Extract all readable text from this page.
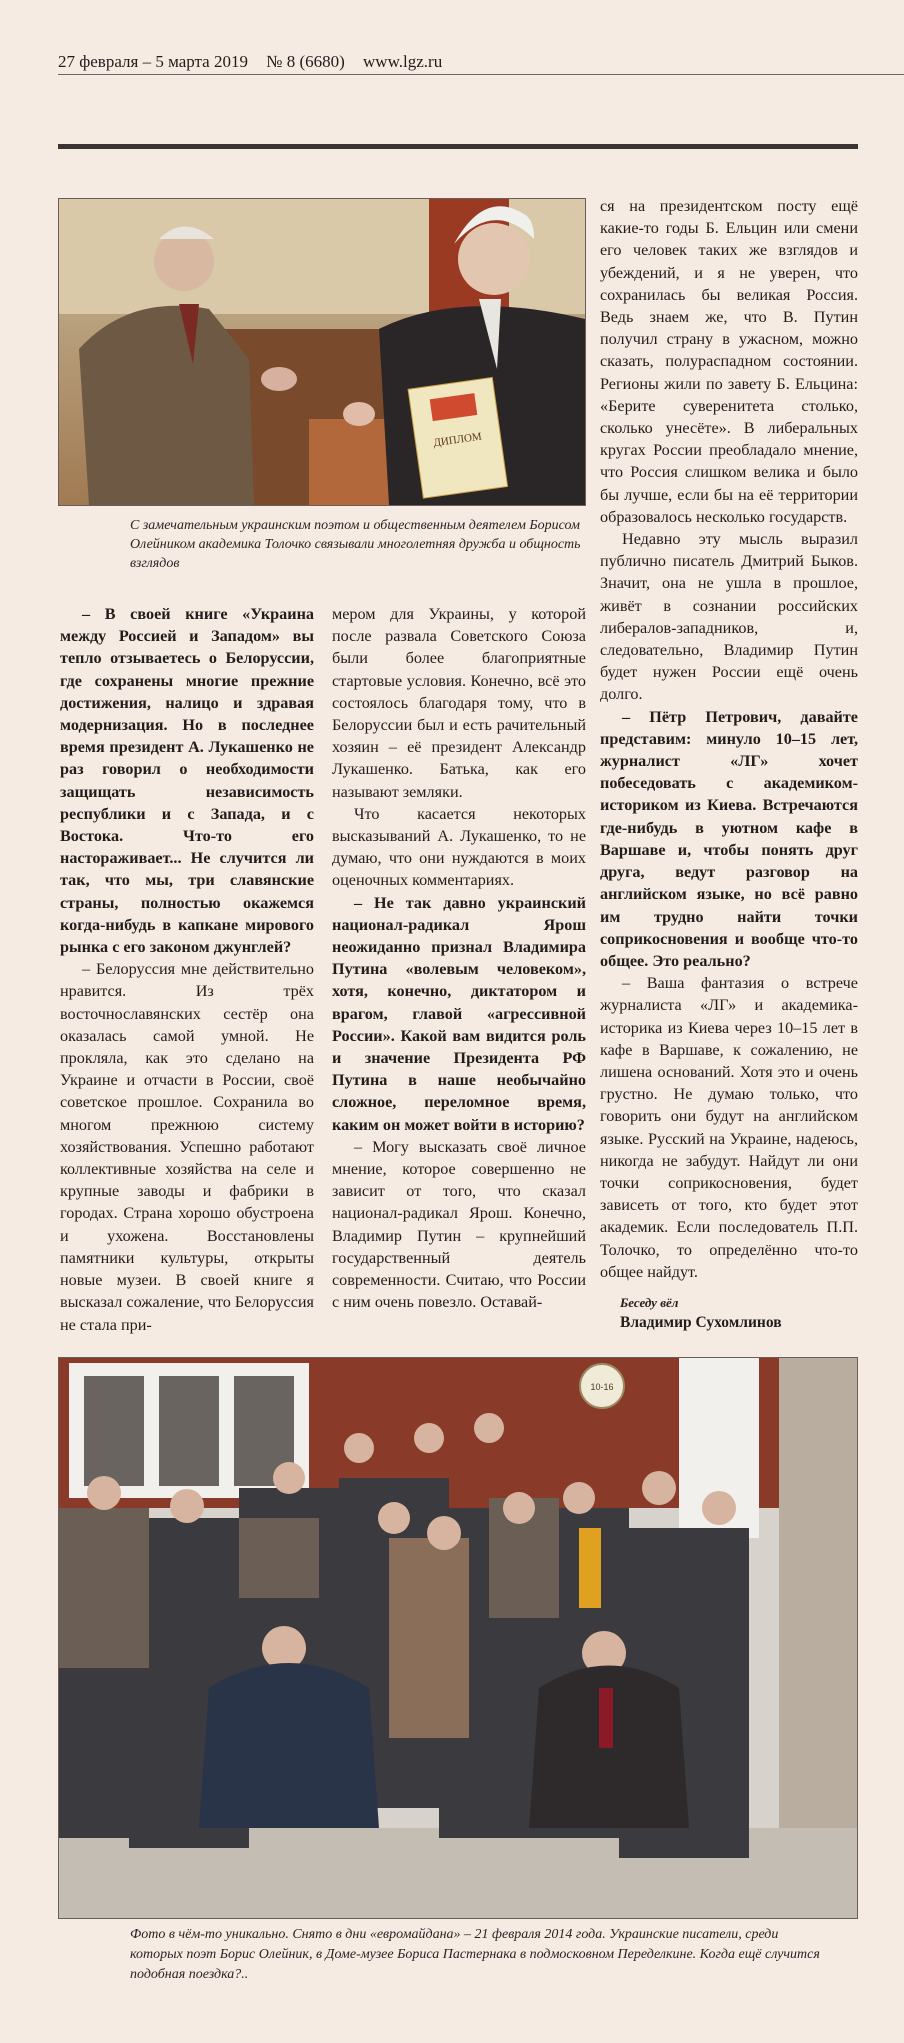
27 февраля – 5 марта 2019 № 8 (6680) www.lgz.ru
ДИПЛОМ
С замечательным украинским поэтом и общественным деятелем Борисом Олейником академика Толочко связывали многолетняя дружба и общность взглядов

– В своей книге «Украина между Россией и Западом» вы тепло отзываетесь о Белоруссии, где сохранены многие прежние достижения, налицо и здравая модернизация. Но в последнее время президент А. Лукашенко не раз говорил о необходимости защищать независимость республики и с Запада, и с Востока. Что-то его настораживает... Не случится ли так, что мы, три славянские страны, полностью окажемся когда-нибудь в капкане мирового рынка с его законом джунглей?

– Белоруссия мне действительно нравится. Из трёх восточнославянских сестёр она оказалась самой умной. Не прокляла, как это сделано на Украине и отчасти в России, своё советское прошлое. Сохранила во многом прежнюю систему хозяйствования. Успешно работают коллективные хозяйства на селе и крупные заводы и фабрики в городах. Страна хорошо обустроена и ухожена. Восстановлены памятники культуры, открыты новые музеи. В своей книге я высказал сожаление, что Белоруссия не стала при-

мером для Украины, у которой после развала Советского Союза были более благоприятные стартовые условия. Конечно, всё это состоялось благодаря тому, что в Белоруссии был и есть рачительный хозяин – её президент Александр Лукашенко. Батька, как его называют земляки.

Что касается некоторых высказываний А. Лукашенко, то не думаю, что они нуждаются в моих оценочных комментариях.

– Не так давно украинский национал-радикал Ярош неожиданно признал Владимира Путина «волевым человеком», хотя, конечно, диктатором и врагом, главой «агрессивной России». Какой вам видится роль и значение Президента РФ Путина в наше необычайно сложное, переломное время, каким он может войти в историю?

– Могу высказать своё личное мнение, которое совершенно не зависит от того, что сказал национал-радикал Ярош. Конечно, Владимир Путин – крупнейший государственный деятель современности. Считаю, что России с ним очень повезло. Оставай-

ся на президентском посту ещё какие-то годы Б. Ельцин или смени его человек таких же взглядов и убеждений, и я не уверен, что сохранилась бы великая Россия. Ведь знаем же, что В. Путин получил страну в ужасном, можно сказать, полураспадном состоянии. Регионы жили по завету Б. Ельцина: «Берите суверенитета столько, сколько унесёте». В либеральных кругах России преобладало мнение, что Россия слишком велика и было бы лучше, если бы на её территории образовалось несколько государств.

Недавно эту мысль выразил публично писатель Дмитрий Быков. Значит, она не ушла в прошлое, живёт в сознании российских либералов-западников, и, следовательно, Владимир Путин будет нужен России ещё очень долго.

– Пётр Петрович, давайте представим: минуло 10–15 лет, журналист «ЛГ» хочет побеседовать с академиком-историком из Киева. Встречаются где-нибудь в уютном кафе в Варшаве и, чтобы понять друг друга, ведут разговор на английском языке, но всё равно им трудно найти точки соприкосновения и вообще что-то общее. Это реально?

– Ваша фантазия о встрече журналиста «ЛГ» и академика-историка из Киева через 10–15 лет в кафе в Варшаве, к сожалению, не лишена оснований. Хотя это и очень грустно. Не думаю только, что говорить они будут на английском языке. Русский на Украине, надеюсь, никогда не забудут. Найдут ли они точки соприкосновения, будет зависеть от того, кто будет этот академик. Если последователь П.П. Толочко, то определённо что-то общее найдут.

Беседу вёл
Владимир Сухомлинов
10-16
Фото в чём-то уникально. Снято в дни «евромайдана» – 21 февраля 2014 года. Украинские писатели, среди которых поэт Борис Олейник, в Доме-музее Бориса Пастернака в подмосковном Переделкине. Когда ещё случится подобная поездка?..
